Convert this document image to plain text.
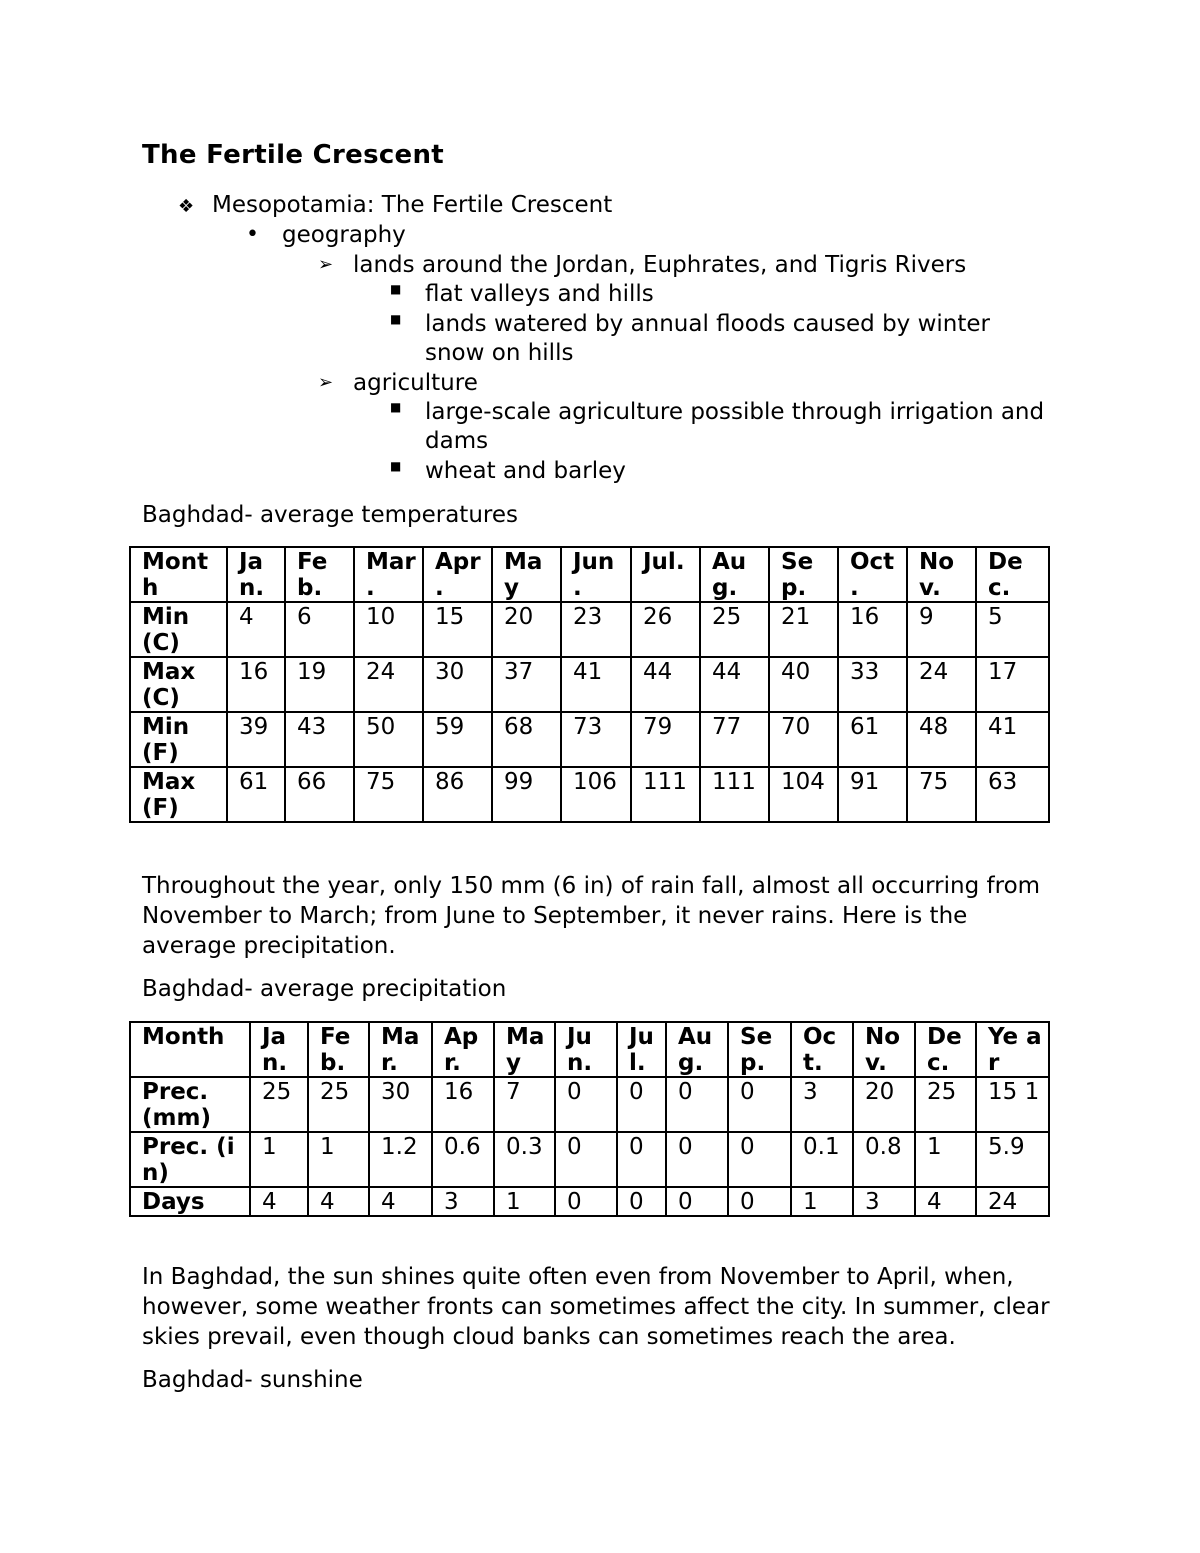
The Fertile Crescent
❖ Mesopotamia: The Fertile Crescent
• geography
➢ lands around the Jordan, Euphrates, and Tigris Rivers
■ flat valleys and hills
■ lands watered by annual floods caused by winter
snow on hills
➢ agriculture
■ large-scale agriculture possible through irrigation and
dams
■ wheat and barley
Baghdad- average temperatures
Mont h	Ja n.	Fe b.	Mar .	Apr .	Ma y	Jun .	Jul.	Au g.	Se p.	Oct .	No v.	De c.
Min (C)	4	6	10	15	20	23	26	25	21	16	9	5
Max (C)	16	19	24	30	37	41	44	44	40	33	24	17
Min (F)	39	43	50	59	68	73	79	77	70	61	48	41
Max (F)	61	66	75	86	99	106	111	111	104	91	75	63
Throughout the year, only 150 mm (6 in) of rain fall, almost all occurring from November to March; from June to September, it never rains. Here is the average precipitation.
Baghdad- average precipitation
Month	Ja n.	Fe b.	Ma r.	Ap r.	Ma y	Ju n.	Ju l.	Au g.	Se p.	Oc t.	No v.	De c.	Ye ar
Prec. (mm)	25	25	30	16	7	0	0	0	0	3	20	25	15 1
Prec. (in)	1	1	1.2	0.6	0.3	0	0	0	0	0.1	0.8	1	5.9
Days	4	4	4	3	1	0	0	0	0	1	3	4	24
In Baghdad, the sun shines quite often even from November to April, when, however, some weather fronts can sometimes affect the city. In summer, clear skies prevail, even though cloud banks can sometimes reach the area.
Baghdad- sunshine
